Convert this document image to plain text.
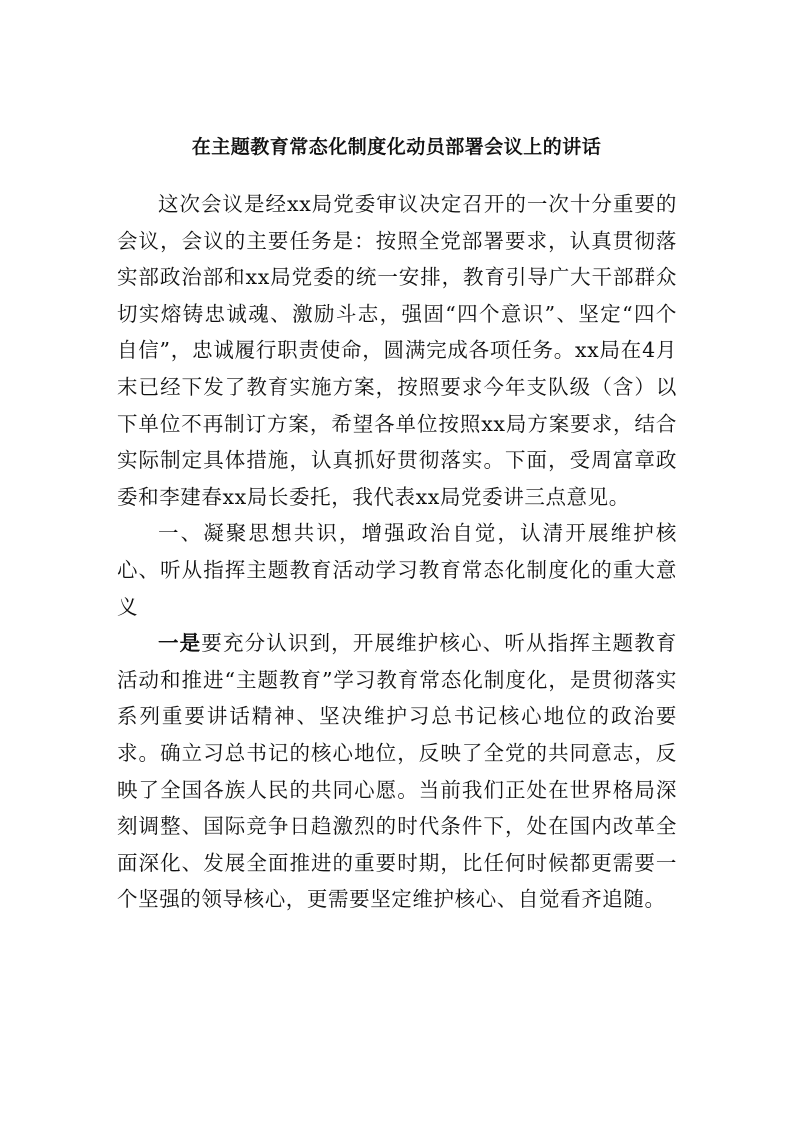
在主题教育常态化制度化动员部署会议上的讲话

这次会议是经xx局党委审议决定召开的一次十分重要的会议，会议的主要任务是：按照全党部署要求，认真贯彻落实部政治部和xx局党委的统一安排，教育引导广大干部群众切实熔铸忠诚魂、激励斗志，强固“四个意识”、坚定“四个自信”，忠诚履行职责使命，圆满完成各项任务。xx局在4月末已经下发了教育实施方案，按照要求今年支队级（含）以下单位不再制订方案，希望各单位按照xx局方案要求，结合实际制定具体措施，认真抓好贯彻落实。下面，受周富章政委和李建春xx局长委托，我代表xx局党委讲三点意见。

一、凝聚思想共识，增强政治自觉，认清开展维护核心、听从指挥主题教育活动学习教育常态化制度化的重大意义

一是要充分认识到，开展维护核心、听从指挥主题教育活动和推进“主题教育”学习教育常态化制度化，是贯彻落实系列重要讲话精神、坚决维护习总书记核心地位的政治要求。确立习总书记的核心地位，反映了全党的共同意志，反映了全国各族人民的共同心愿。当前我们正处在世界格局深刻调整、国际竞争日趋激烈的时代条件下，处在国内改革全面深化、发展全面推进的重要时期，比任何时候都更需要一个坚强的领导核心，更需要坚定维护核心、自觉看齐追随。
